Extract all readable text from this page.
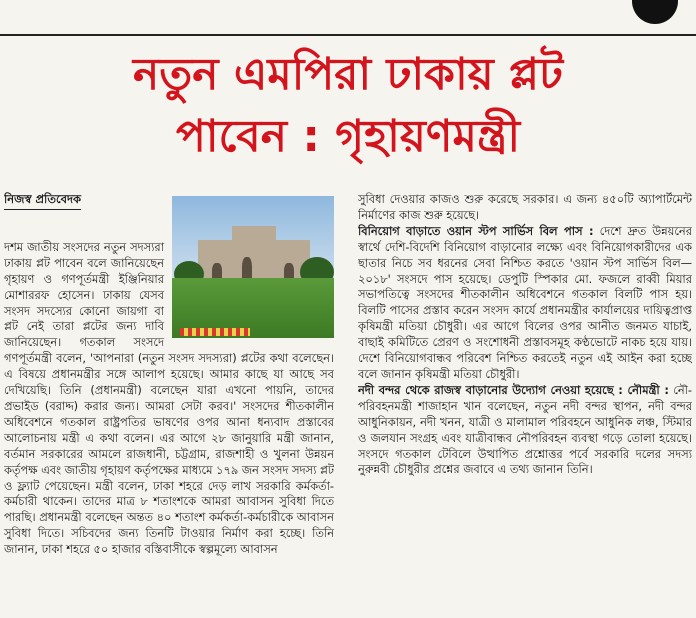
নতুন এমপিরা ঢাকায় প্লট
পাবেন : গৃহায়ণমন্ত্রী
নিজস্ব প্রতিবেদক

দশম জাতীয় সংসদের নতুন সদস্যরা ঢাকায় প্লট পাবেন বলে জানিয়েছেন গৃহায়ণ ও গণপূর্তমন্ত্রী ইঞ্জিনিয়ার মোশাররফ হোসেন। ঢাকায় যেসব সংসদ সদস্যের কোনো জায়গা বা প্লট নেই তারা প্লটের জন্য দাবি জানিয়েছেন। গতকাল সংসদে গণপূর্তমন্ত্রী বলেন, 'আপনারা (নতুন সংসদ সদস্যরা) প্লটের কথা বলেছেন। এ বিষয়ে প্রধানমন্ত্রীর সঙ্গে আলাপ হয়েছে। আমার কাছে যা আছে সব দেখিয়েছি। তিনি (প্রধানমন্ত্রী) বলেছেন যারা এখনো পায়নি, তাদের প্রভাইড (বরাদ্দ) করার জন্য। আমরা সেটা করব।' সংসদের শীতকালীন অধিবেশনে গতকাল রাষ্ট্রপতির ভাষণের ওপর আনা ধন্যবাদ প্রস্তাবের আলোচনায় মন্ত্রী এ কথা বলেন। এর আগে ২৮ জানুয়ারি মন্ত্রী জানান, বর্তমান সরকারের আমলে রাজধানী, চট্টগ্রাম, রাজশাহী ও খুলনা উন্নয়ন কর্তৃপক্ষ এবং জাতীয় গৃহায়ণ কর্তৃপক্ষের মাধ্যমে ১৭৯ জন সংসদ সদস্য প্লট ও ফ্ল্যাট পেয়েছেন। মন্ত্রী বলেন, ঢাকা শহরে দেড় লাখ সরকারি কর্মকর্তা-কর্মচারী থাকেন। তাদের মাত্র ৮ শতাংশকে আমরা আবাসন সুবিধা দিতে পারছি। প্রধানমন্ত্রী বলেছেন অন্তত ৪০ শতাংশ কর্মকর্তা-কর্মচারীকে আবাসন সুবিধা দিতে। সচিবদের জন্য তিনটি টাওয়ার নির্মাণ করা হচ্ছে। তিনি জানান, ঢাকা শহরে ৫০ হাজার বস্তিবাসীকে স্বল্পমূল্যে আবাসন

সুবিধা দেওয়ার কাজও শুরু করেছে সরকার। এ জন্য ৪৫০টি অ্যাপার্টমেন্ট নির্মাণের কাজ শুরু হয়েছে।

বিনিয়োগ বাড়াতে ওয়ান স্টপ সার্ভিস বিল পাস : দেশে দ্রুত উন্নয়নের স্বার্থে দেশি-বিদেশি বিনিয়োগ বাড়ানোর লক্ষ্যে এবং বিনিয়োগকারীদের এক ছাতার নিচে সব ধরনের সেবা নিশ্চিত করতে 'ওয়ান স্টপ সার্ভিস বিল— ২০১৮' সংসদে পাস হয়েছে। ডেপুটি স্পিকার মো. ফজলে রাব্বী মিয়ার সভাপতিত্বে সংসদের শীতকালীন অধিবেশনে গতকাল বিলটি পাস হয়। বিলটি পাসের প্রস্তাব করেন সংসদ কার্যে প্রধানমন্ত্রীর কার্যালয়ের দায়িত্বপ্রাপ্ত কৃষিমন্ত্রী মতিয়া চৌধুরী। এর আগে বিলের ওপর আনীত জনমত যাচাই, বাছাই কমিটিতে প্রেরণ ও সংশোধনী প্রস্তাবসমূহ কণ্ঠভোটে নাকচ হয়ে যায়। দেশে বিনিয়োগবান্ধব পরিবেশ নিশ্চিত করতেই নতুন এই আইন করা হচ্ছে বলে জানান কৃষিমন্ত্রী মতিয়া চৌধুরী।

নদী বন্দর থেকে রাজস্ব বাড়ানোর উদ্যোগ নেওয়া হয়েছে : নৌমন্ত্রী : নৌ-পরিবহনমন্ত্রী শাজাহান খান বলেছেন, নতুন নদী বন্দর স্থাপন, নদী বন্দর আধুনিকায়ন, নদী খনন, যাত্রী ও মালামাল পরিবহনে আধুনিক লঞ্চ, স্টিমার ও জলযান সংগ্রহ এবং যাত্রীবান্ধব নৌপরিবহন ব্যবস্থা গড়ে তোলা হয়েছে। সংসদে গতকাল টেবিলে উত্থাপিত প্রশ্নোত্তর পর্বে সরকারি দলের সদস্য নুরুন্নবী চৌধুরীর প্রশ্নের জবাবে এ তথ্য জানান তিনি।
